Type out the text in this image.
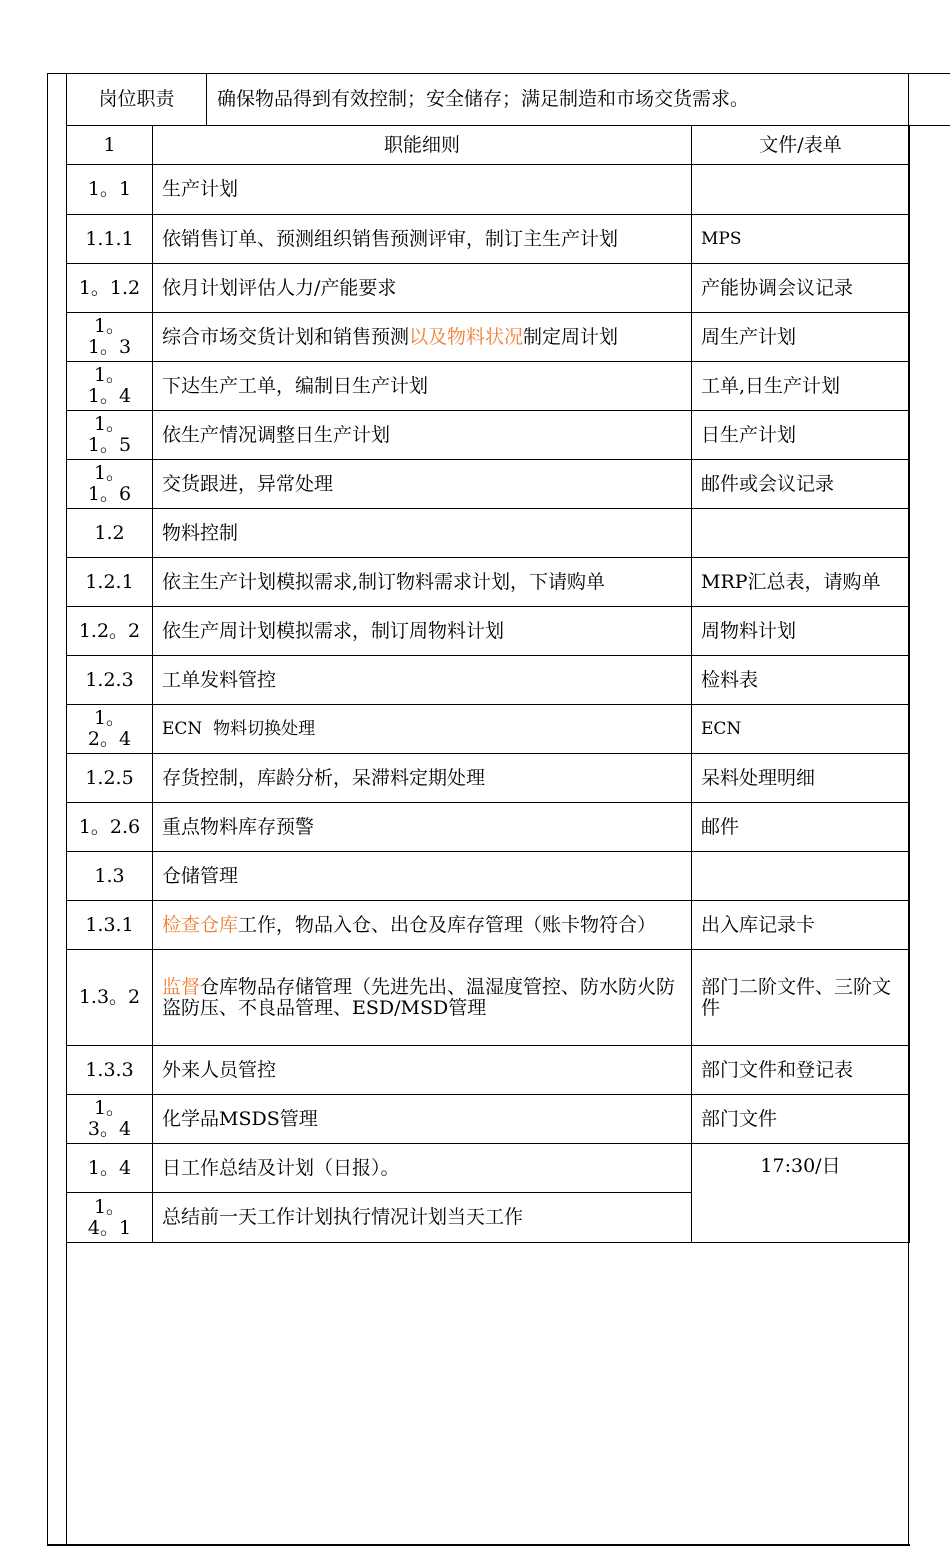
岗位职责	确保物品得到有效控制；安全储存；满足制造和市场交货需求。
1	职能细则	文件/表单
1。1	生产计划	
1.1.1	依销售订单、预测组织销售预测评审，制订主生产计划	MPS
1。1.2	依月计划评估人力/产能要求	产能协调会议记录
1。1。3	综合市场交货计划和销售预测以及物料状况制定周计划	周生产计划
1。1。4	下达生产工单，编制日生产计划	工单,日生产计划
1。1。5	依生产情况调整日生产计划	日生产计划
1。1。6	交货跟进，异常处理	邮件或会议记录
1.2	物料控制	
1.2.1	依主生产计划模拟需求,制订物料需求计划，下请购单	MRP汇总表，请购单
1.2。2	依生产周计划模拟需求，制订周物料计划	周物料计划
1.2.3	工单发料管控	检料表
1。2。4	ECN  物料切换处理	ECN
1.2.5	存货控制，库龄分析，呆滞料定期处理	呆料处理明细
1。2.6	重点物料库存预警	邮件
1.3	仓储管理	
1.3.1	检查仓库工作，物品入仓、出仓及库存管理（账卡物符合）	出入库记录卡
1.3。2	监督仓库物品存储管理（先进先出、温湿度管控、防水防火防盗防压、不良品管理、ESD/MSD管理	部门二阶文件、三阶文件
1.3.3	外来人员管控	部门文件和登记表
1。3。4	化学品MSDS管理	部门文件
1。4	日工作总结及计划（日报）。	17:30/日
1。4。1	总结前一天工作计划执行情况计划当天工作	
